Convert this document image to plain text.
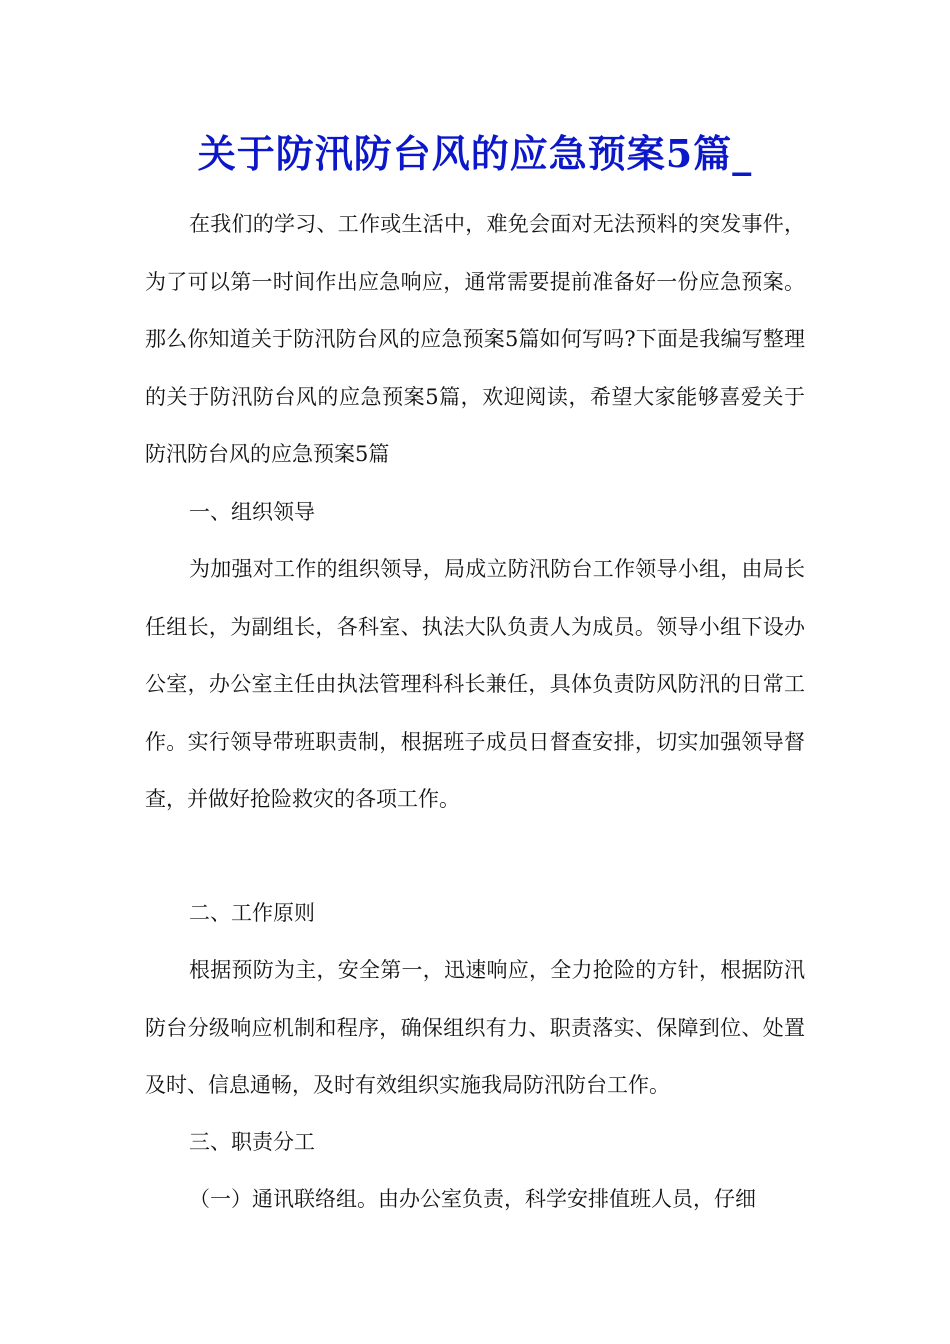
关于防汛防台风的应急预案5篇_

在我们的学习、工作或生活中，难免会面对无法预料的突发事件，为了可以第一时间作出应急响应，通常需要提前准备好一份应急预案。 那么你知道关于防汛防台风的应急预案5篇如何写吗?下面是我编写整理的关于防汛防台风的应急预案5篇，欢迎阅读，希望大家能够喜爱关于防汛防台风的应急预案5篇

一、组织领导

为加强对工作的组织领导，局成立防汛防台工作领导小组，由局长任组长，为副组长，各科室、执法大队负责人为成员。领导小组下设办公室，办公室主任由执法管理科科长兼任，具体负责防风防汛的日常工作。实行领导带班职责制，根据班子成员日督查安排，切实加强领导督查，并做好抢险救灾的各项工作。

二、工作原则

根据预防为主，安全第一，迅速响应，全力抢险的方针，根据防汛防台分级响应机制和程序，确保组织有力、职责落实、保障到位、处置及时、信息通畅，及时有效组织实施我局防汛防台工作。

三、职责分工

（一）通讯联络组。由办公室负责，科学安排值班人员，仔细
